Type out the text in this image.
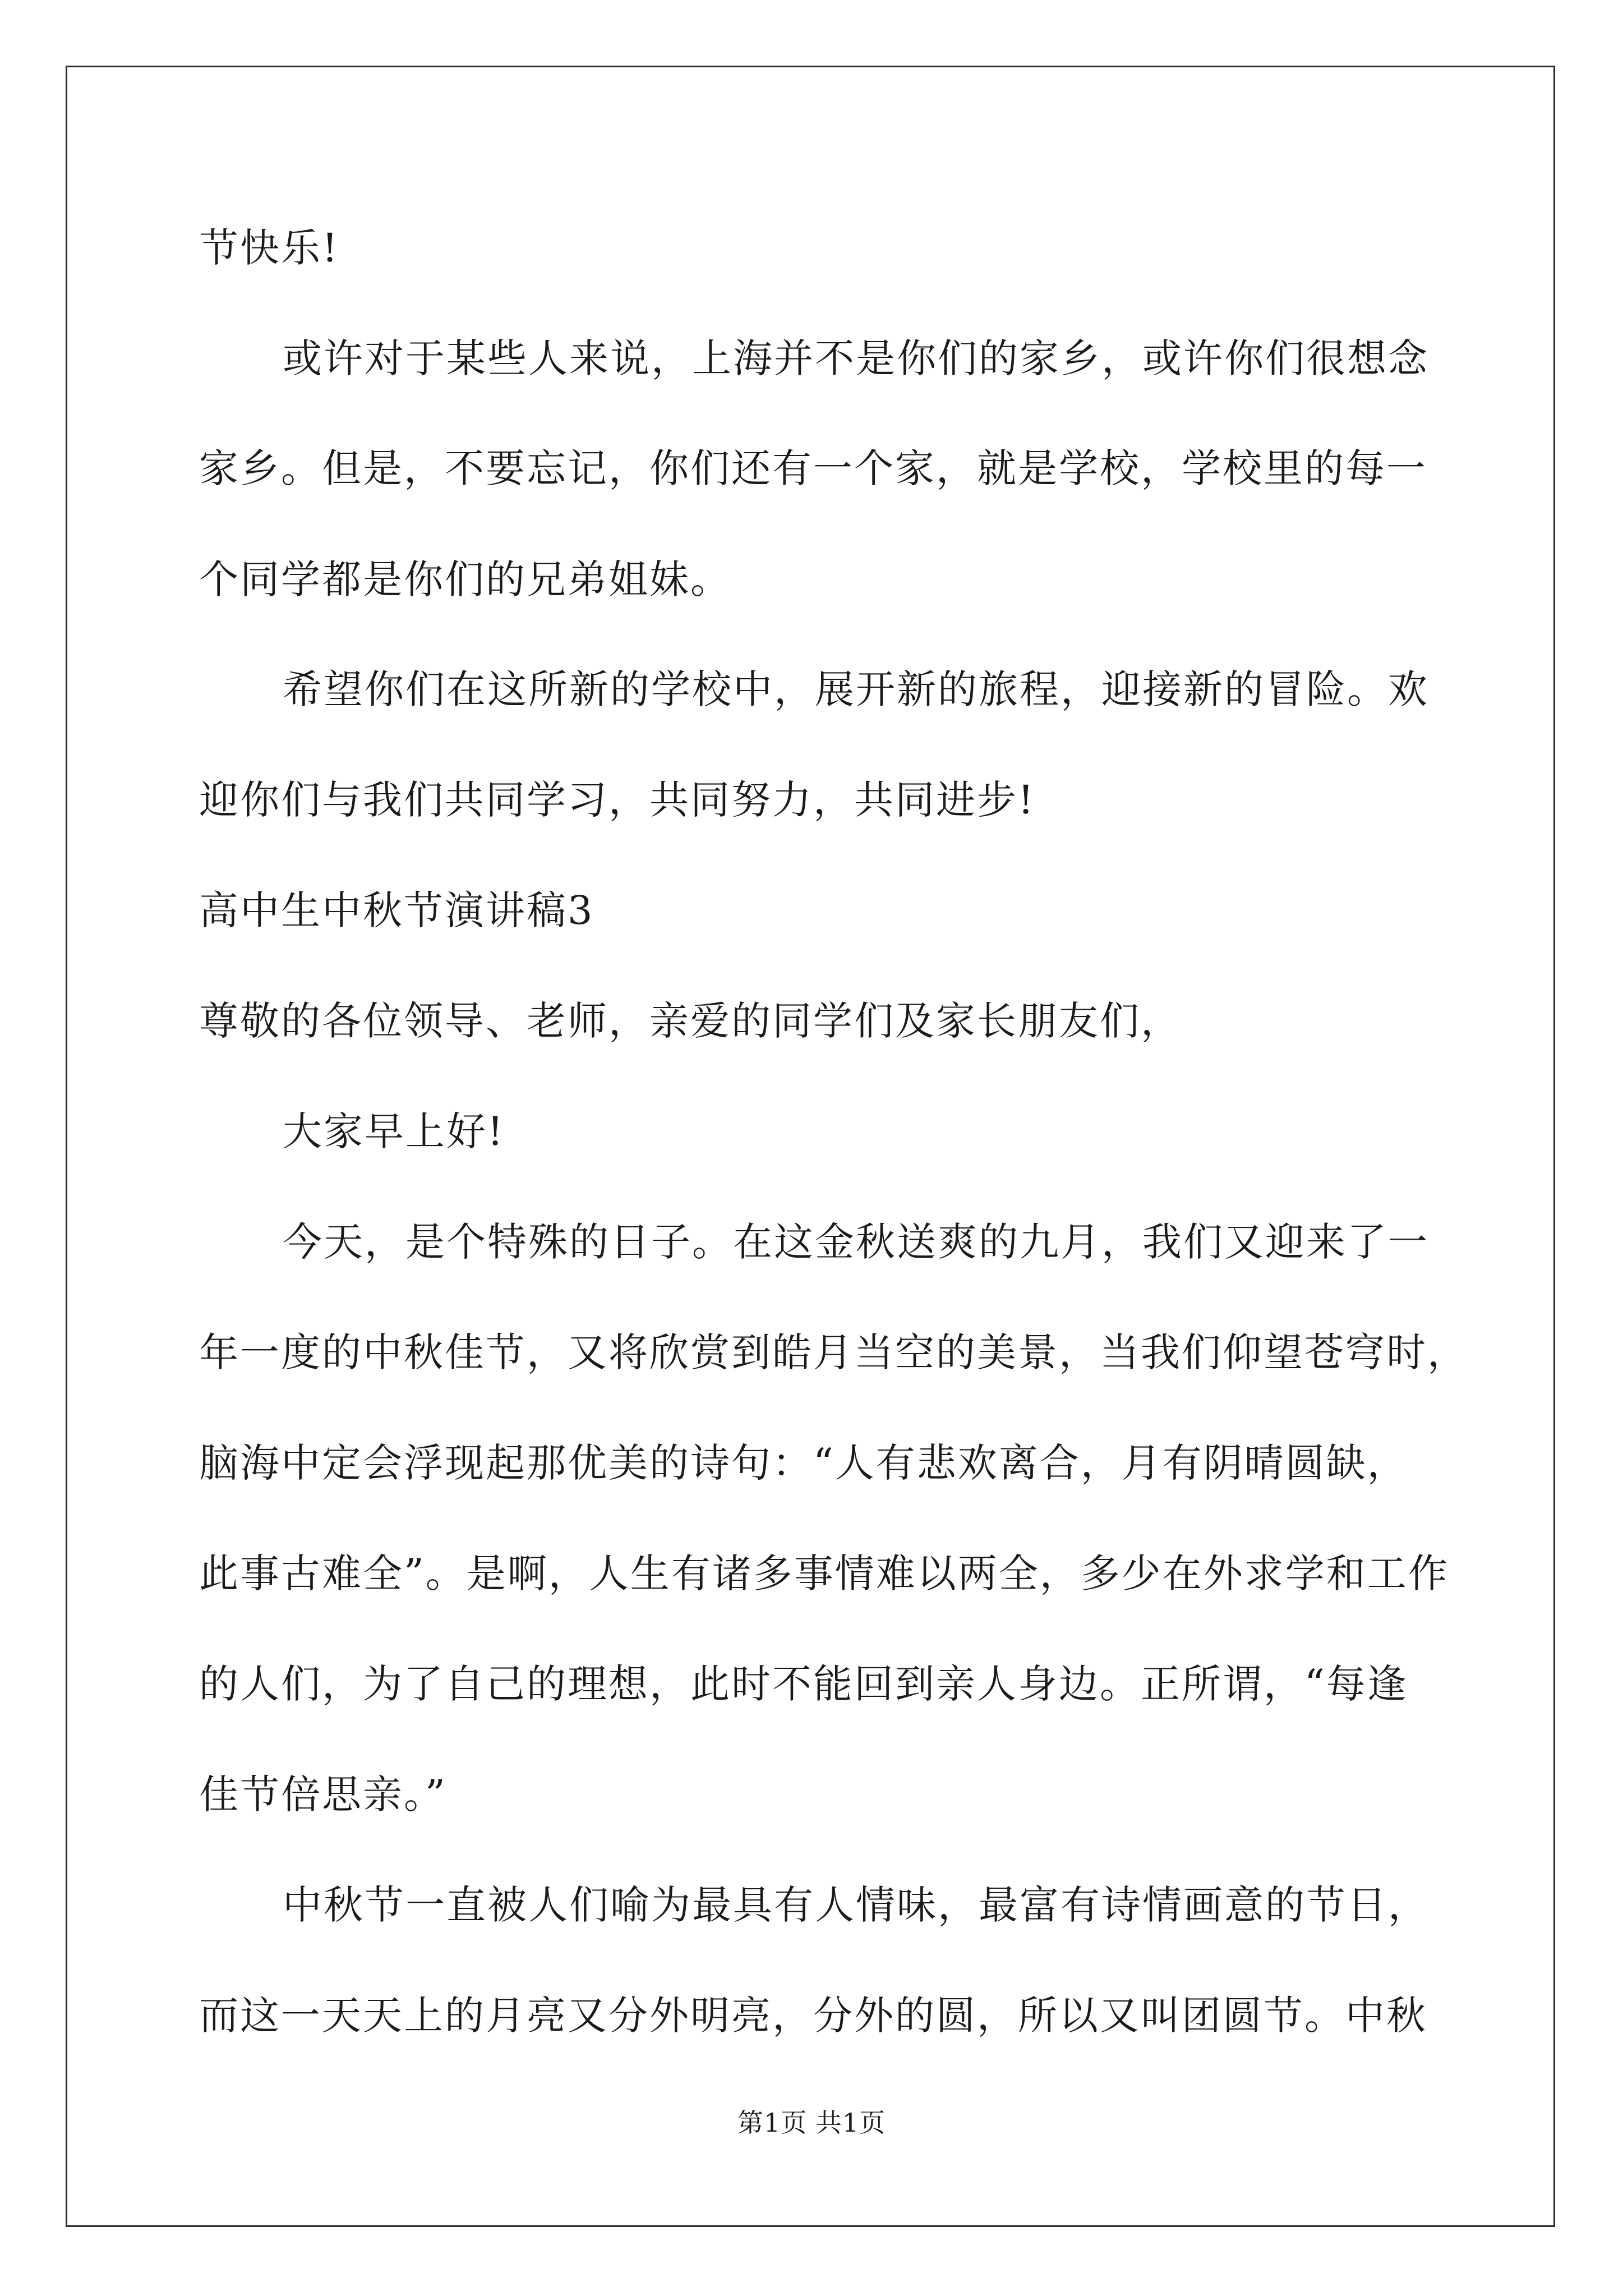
节快乐!
或许对于某些人来说，上海并不是你们的家乡，或许你们很想念
家乡。但是，不要忘记，你们还有一个家，就是学校，学校里的每一
个同学都是你们的兄弟姐妹。
希望你们在这所新的学校中，展开新的旅程，迎接新的冒险。欢
迎你们与我们共同学习，共同努力，共同进步!
高中生中秋节演讲稿3
尊敬的各位领导、老师，亲爱的同学们及家长朋友们，
大家早上好!
今天，是个特殊的日子。在这金秋送爽的九月，我们又迎来了一
年一度的中秋佳节，又将欣赏到皓月当空的美景，当我们仰望苍穹时，
脑海中定会浮现起那优美的诗句：“人有悲欢离合，月有阴晴圆缺，
此事古难全”。是啊，人生有诸多事情难以两全，多少在外求学和工作
的人们，为了自己的理想，此时不能回到亲人身边。正所谓，“每逢
佳节倍思亲。”
中秋节一直被人们喻为最具有人情味，最富有诗情画意的节日，
而这一天天上的月亮又分外明亮，分外的圆，所以又叫团圆节。中秋
第1页 共1页
